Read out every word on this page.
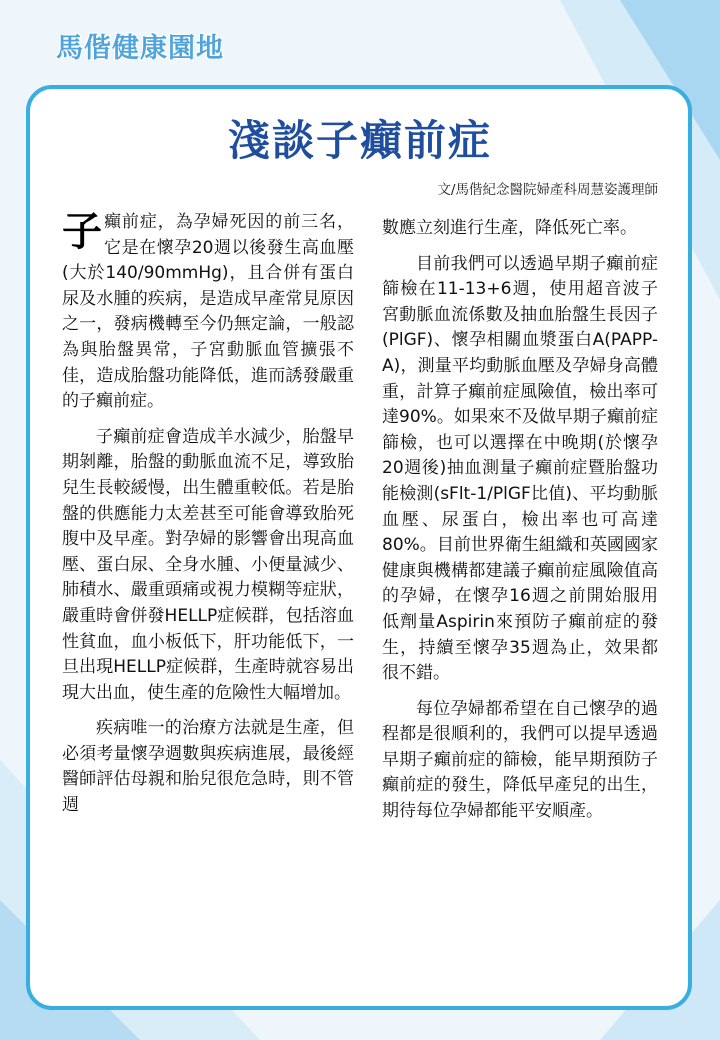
馬偕健康園地
淺談子癲前症
文/馬偕紀念醫院婦產科周慧姿護理師

子癲前症，為孕婦死因的前三名，它是在懷孕20週以後發生高血壓(大於140/90mmHg)，且合併有蛋白尿及水腫的疾病，是造成早產常見原因之一，發病機轉至今仍無定論，一般認為與胎盤異常，子宮動脈血管擴張不佳，造成胎盤功能降低，進而誘發嚴重的子癲前症。

子癲前症會造成羊水減少，胎盤早期剝離，胎盤的動脈血流不足，導致胎兒生長較緩慢，出生體重較低。若是胎盤的供應能力太差甚至可能會導致胎死腹中及早產。對孕婦的影響會出現高血壓、蛋白尿、全身水腫、小便量減少、肺積水、嚴重頭痛或視力模糊等症狀，嚴重時會併發HELLP症候群，包括溶血性貧血，血小板低下，肝功能低下，一旦出現HELLP症候群，生產時就容易出現大出血，使生產的危險性大幅增加。

疾病唯一的治療方法就是生產，但必須考量懷孕週數與疾病進展，最後經醫師評估母親和胎兒很危急時，則不管週

數應立刻進行生產，降低死亡率。

目前我們可以透過早期子癲前症篩檢在11-13+6週，使用超音波子宮動脈血流係數及抽血胎盤生長因子(PlGF)、懷孕相關血漿蛋白A(PAPP-A)，測量平均動脈血壓及孕婦身高體重，計算子癲前症風險值，檢出率可達90%。如果來不及做早期子癲前症篩檢，也可以選擇在中晚期(於懷孕20週後)抽血測量子癲前症暨胎盤功能檢測(sFlt-1/PlGF比值)、平均動脈血壓、尿蛋白，檢出率也可高達80%。目前世界衛生組織和英國國家健康與機構都建議子癲前症風險值高的孕婦，在懷孕16週之前開始服用低劑量Aspirin來預防子癲前症的發生，持續至懷孕35週為止，效果都很不錯。

每位孕婦都希望在自己懷孕的過程都是很順利的，我們可以提早透過早期子癲前症的篩檢，能早期預防子癲前症的發生，降低早產兒的出生，期待每位孕婦都能平安順產。
